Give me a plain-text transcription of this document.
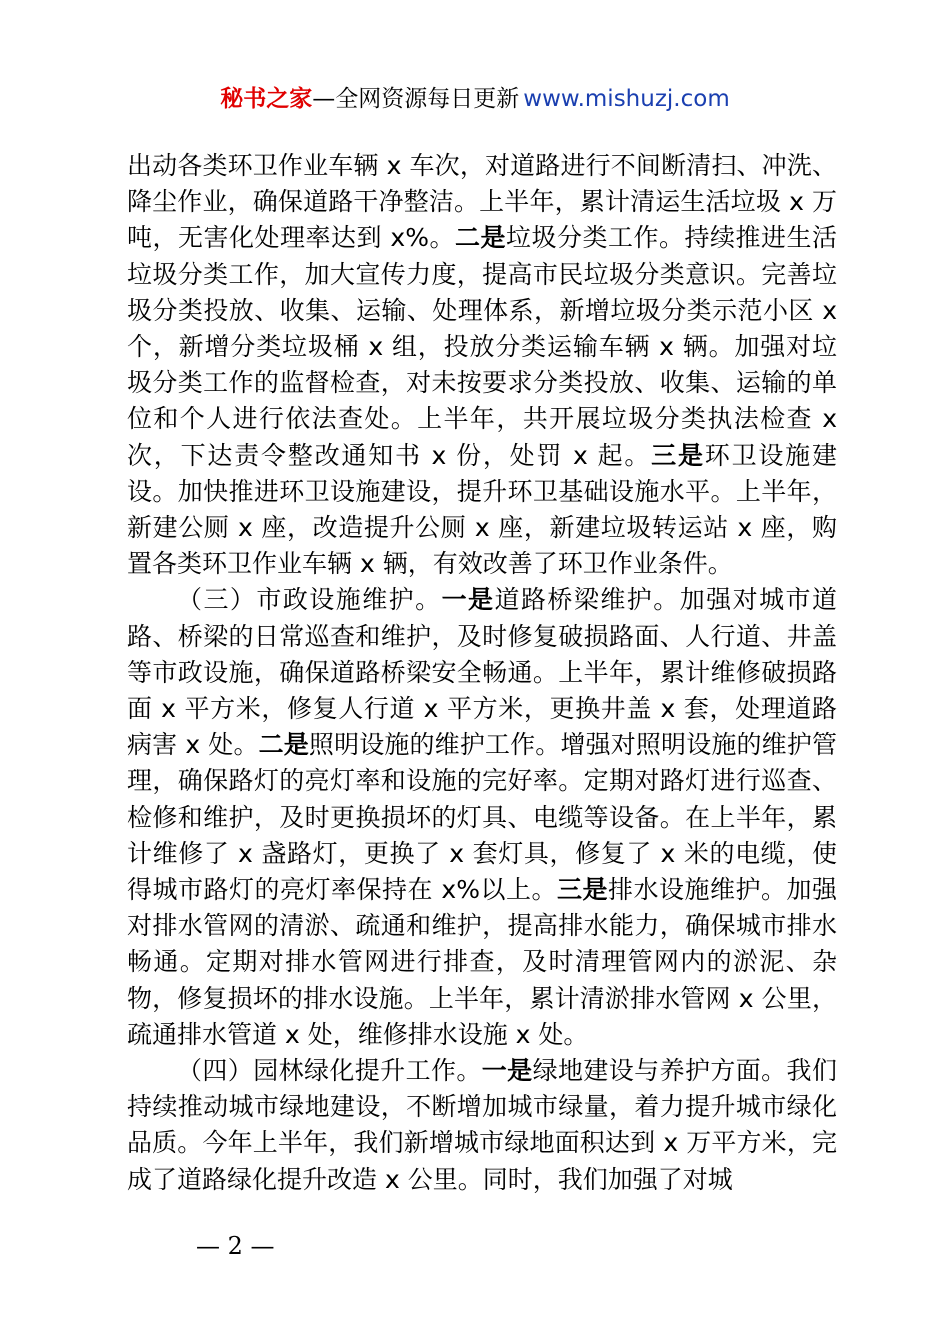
秘书之家—全网资源每日更新 www.mishuzj.com

出动各类环卫作业车辆 x 车次，对道路进行不间断清扫、冲洗、降尘作业，确保道路干净整洁。上半年，累计清运生活垃圾 x 万吨，无害化处理率达到 x%。二是垃圾分类工作。持续推进生活垃圾分类工作，加大宣传力度，提高市民垃圾分类意识。完善垃圾分类投放、收集、运输、处理体系，新增垃圾分类示范小区 x 个，新增分类垃圾桶 x 组，投放分类运输车辆 x 辆。加强对垃圾分类工作的监督检查，对未按要求分类投放、收集、运输的单位和个人进行依法查处。上半年，共开展垃圾分类执法检查 x 次，下达责令整改通知书 x 份，处罚 x 起。三是环卫设施建设。加快推进环卫设施建设，提升环卫基础设施水平。上半年，新建公厕 x 座，改造提升公厕 x 座，新建垃圾转运站 x 座，购置各类环卫作业车辆 x 辆，有效改善了环卫作业条件。

（三）市政设施维护。一是道路桥梁维护。加强对城市道路、桥梁的日常巡查和维护，及时修复破损路面、人行道、井盖等市政设施，确保道路桥梁安全畅通。上半年，累计维修破损路面 x 平方米，修复人行道 x 平方米，更换井盖 x 套，处理道路病害 x 处。二是照明设施的维护工作。增强对照明设施的维护管理，确保路灯的亮灯率和设施的完好率。定期对路灯进行巡查、检修和维护，及时更换损坏的灯具、电缆等设备。在上半年，累计维修了 x 盏路灯，更换了 x 套灯具，修复了 x 米的电缆，使得城市路灯的亮灯率保持在 x%以上。三是排水设施维护。加强对排水管网的清淤、疏通和维护，提高排水能力，确保城市排水畅通。定期对排水管网进行排查，及时清理管网内的淤泥、杂物，修复损坏的排水设施。上半年，累计清淤排水管网 x 公里，疏通排水管道 x 处，维修排水设施 x 处。

（四）园林绿化提升工作。一是绿地建设与养护方面。我们持续推动城市绿地建设，不断增加城市绿量，着力提升城市绿化品质。今年上半年，我们新增城市绿地面积达到 x 万平方米，完成了道路绿化提升改造 x 公里。同时，我们加强了对城

— 2 —
